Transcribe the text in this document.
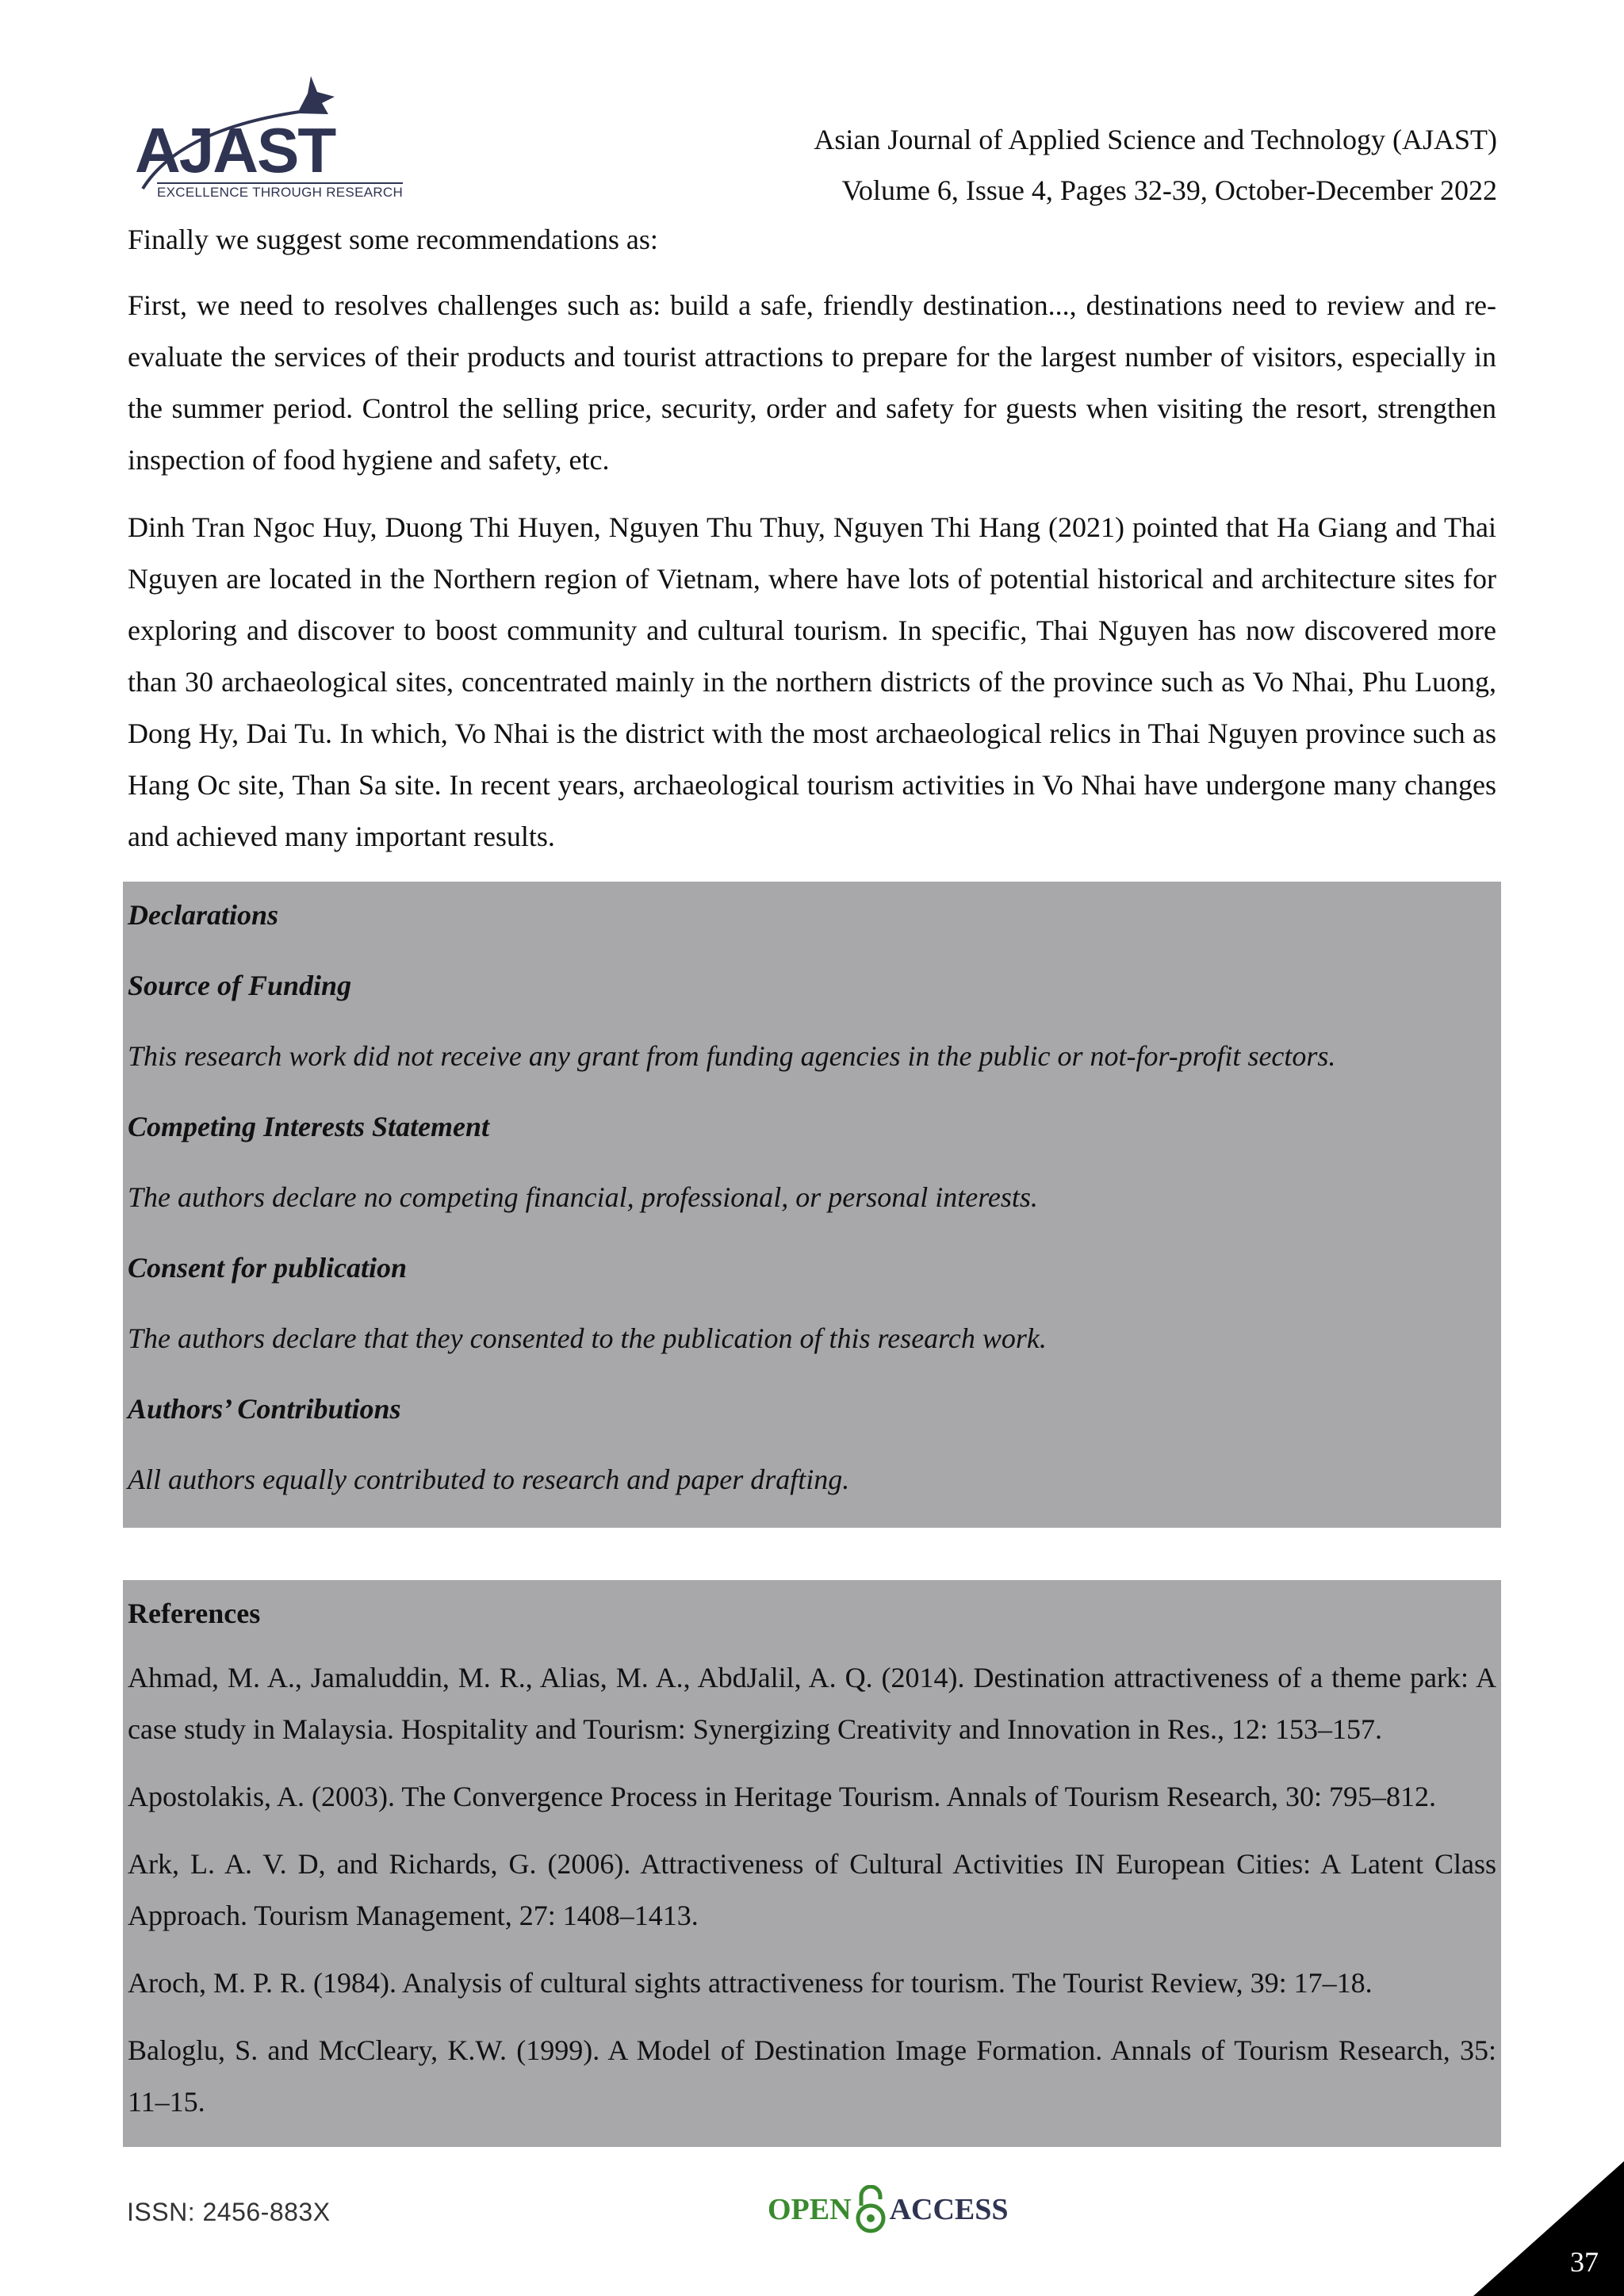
AJAST
EXCELLENCE THROUGH RESEARCH
Asian Journal of Applied Science and Technology (AJAST)
Volume 6, Issue 4, Pages 32-39, October-December 2022

Finally we suggest some recommendations as:

First, we need to resolves challenges such as: build a safe, friendly destination..., destinations need to review and re-evaluate the services of their products and tourist attractions to prepare for the largest number of visitors, especially in the summer period. Control the selling price, security, order and safety for guests when visiting the resort, strengthen inspection of food hygiene and safety, etc.

Dinh Tran Ngoc Huy, Duong Thi Huyen, Nguyen Thu Thuy, Nguyen Thi Hang (2021) pointed that Ha Giang and Thai Nguyen are located in the Northern region of Vietnam, where have lots of potential historical and architecture sites for exploring and discover to boost community and cultural tourism. In specific, Thai Nguyen has now discovered more than 30 archaeological sites, concentrated mainly in the northern districts of the province such as Vo Nhai, Phu Luong, Dong Hy, Dai Tu. In which, Vo Nhai is the district with the most archaeological relics in Thai Nguyen province such as Hang Oc site, Than Sa site. In recent years, archaeological tourism activities in Vo Nhai have undergone many changes and achieved many important results.

Declarations

Source of Funding

This research work did not receive any grant from funding agencies in the public or not-for-profit sectors.

Competing Interests Statement

The authors declare no competing financial, professional, or personal interests.

Consent for publication

The authors declare that they consented to the publication of this research work.

Authors’ Contributions

All authors equally contributed to research and paper drafting.

References

Ahmad, M. A., Jamaluddin, M. R., Alias, M. A., AbdJalil, A. Q. (2014). Destination attractiveness of a theme park: A case study in Malaysia. Hospitality and Tourism: Synergizing Creativity and Innovation in Res., 12: 153–157.

Apostolakis, A. (2003). The Convergence Process in Heritage Tourism. Annals of Tourism Research, 30: 795–812.

Ark, L. A. V. D, and Richards, G. (2006). Attractiveness of Cultural Activities IN European Cities: A Latent Class Approach. Tourism Management, 27: 1408–1413.

Aroch, M. P. R. (1984). Analysis of cultural sights attractiveness for tourism. The Tourist Review, 39: 17–18.

Baloglu, S. and McCleary, K.W. (1999). A Model of Destination Image Formation. Annals of Tourism Research, 35: 11–15.

ISSN: 2456-883X	OPEN ACCESS
37
